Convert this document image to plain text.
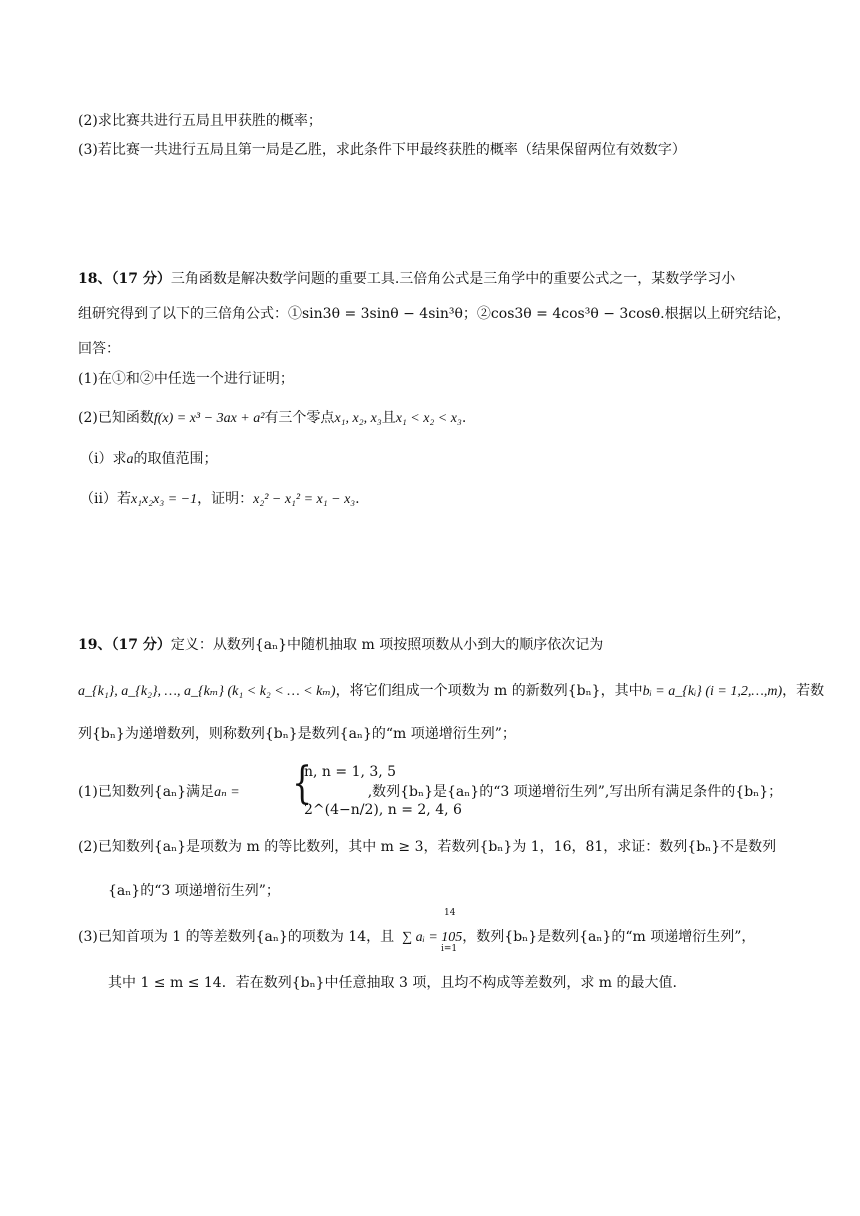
(2)求比赛共进行五局且甲获胜的概率；
(3)若比赛一共进行五局且第一局是乙胜，求此条件下甲最终获胜的概率（结果保留两位有效数字）
18、（17 分）三角函数是解决数学问题的重要工具.三倍角公式是三角学中的重要公式之一，某数学学习小
组研究得到了以下的三倍角公式：①sin3θ = 3sinθ − 4sin³θ；②cos3θ = 4cos³θ − 3cosθ.根据以上研究结论，
回答：
(1)在①和②中任选一个进行证明；
(2)已知函数f(x) = x³ − 3ax + a²有三个零点x₁, x₂, x₃且x₁ < x₂ < x₃.
（i）求a的取值范围；
（ii）若x₁x₂x₃ = −1，证明：x₂² − x₁² = x₁ − x₃.
19、（17 分）定义：从数列{aₙ}中随机抽取 m 项按照项数从小到大的顺序依次记为
a_{k₁}, a_{k₂}, …, a_{kₘ} (k₁ < k₂ < … < kₘ)，将它们组成一个项数为 m 的新数列{bₙ}，其中bᵢ = a_{kᵢ} (i = 1,2,…,m)，若数
列{bₙ}为递增数列，则称数列{bₙ}是数列{aₙ}的“m 项递增衍生列”；
(1)已知数列{aₙ}满足aₙ =	,数列{bₙ}是{aₙ}的“3 项递增衍生列”,写出所有满足条件的{bₙ}；
{
n, n = 1, 3, 5
2^(4−n/2), n = 2, 4, 6
(2)已知数列{aₙ}是项数为 m 的等比数列，其中 m ≥ 3，若数列{bₙ}为 1，16，81，求证：数列{bₙ}不是数列
{aₙ}的“3 项递增衍生列”；
(3)已知首项为 1 的等差数列{aₙ}的项数为 14，且 ∑ aᵢ = 105，数列{bₙ}是数列{aₙ}的“m 项递增衍生列”，
14
i=1
其中 1 ≤ m ≤ 14．若在数列{bₙ}中任意抽取 3 项，且均不构成等差数列，求 m 的最大值.
